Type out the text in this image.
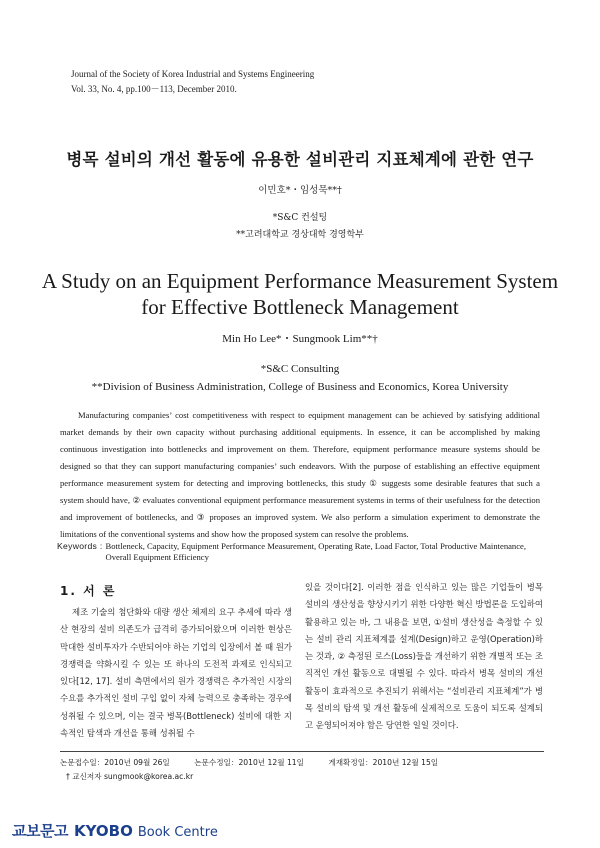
Journal of the Society of Korea Industrial and Systems Engineering
Vol. 33, No. 4, pp.100－113, December 2010.
병목 설비의 개선 활동에 유용한 설비관리 지표체계에 관한 연구
이민호*・임성묵**†
*S&C 컨설팅
**고려대학교 경상대학 경영학부
A Study on an Equipment Performance Measurement System
for Effective Bottleneck Management
Min Ho Lee*・Sungmook Lim**†
*S&C Consulting
**Division of Business Administration, College of Business and Economics, Korea University
Manufacturing companies’ cost competitiveness with respect to equipment management can be achieved by satisfying additional market demands by their own capacity without purchasing additional equipments. In essence, it can be accomplished by making continuous investigation into bottlenecks and improvement on them. Therefore, equipment performance measure systems should be designed so that they can support manufacturing companies’ such endeavors. With the purpose of establishing an effective equipment performance measurement system for detecting and improving bottlenecks, this study ① suggests some desirable features that such a system should have, ② evaluates conventional equipment performance measurement systems in terms of their usefulness for the detection and improvement of bottlenecks, and ③ proposes an improved system. We also perform a simulation experiment to demonstrate the limitations of the conventional systems and show how the proposed system can resolve the problems.
Keywords : Bottleneck, Capacity, Equipment Performance Measurement, Operating Rate, Load Factor, Total Productive Maintenance, Overall Equipment Efficiency
1. 서 론
제조 기술의 첨단화와 대량 생산 체제의 요구 추세에 따라 생산 현장의 설비 의존도가 급격히 증가되어왔으며 이러한 현상은 막대한 설비투자가 수반되어야 하는 기업의 입장에서 볼 때 원가 경쟁력을 약화시킬 수 있는 또 하나의 도전적 과제로 인식되고 있다[12, 17]. 설비 측면에서의 원가 경쟁력은 추가적인 시장의 수요를 추가적인 설비 구입 없이 자체 능력으로 충족하는 경우에 성취될 수 있으며, 이는 결국 병목(Bottleneck) 설비에 대한 지속적인 탐색과 개선을 통해 성취될 수
있을 것이다[2]. 이러한 점을 인식하고 있는 많은 기업들이 병목 설비의 생산성을 향상시키기 위한 다양한 혁신 방법론을 도입하여 활용하고 있는 바, 그 내용을 보면, ①설비 생산성을 측정할 수 있는 설비 관리 지표체계를 설계(Design)하고 운영(Operation)하는 것과, ② 측정된 로스(Loss)들을 개선하기 위한 개별적 또는 조직적인 개선 활동으로 대별될 수 있다. 따라서 병목 설비의 개선 활동이 효과적으로 추진되기 위해서는 “설비관리 지표체계”가 병목 설비의 탐색 및 개선 활동에 실제적으로 도움이 되도록 설계되고 운영되어져야 함은 당연한 일일 것이다.
논문접수일：2010년 09월 26일	논문수정일：2010년 12월 11일	게재확정일：2010년 12월 15일
† 교신저자 sungmook@korea.ac.kr
교보문고 KYOBO Book Centre
